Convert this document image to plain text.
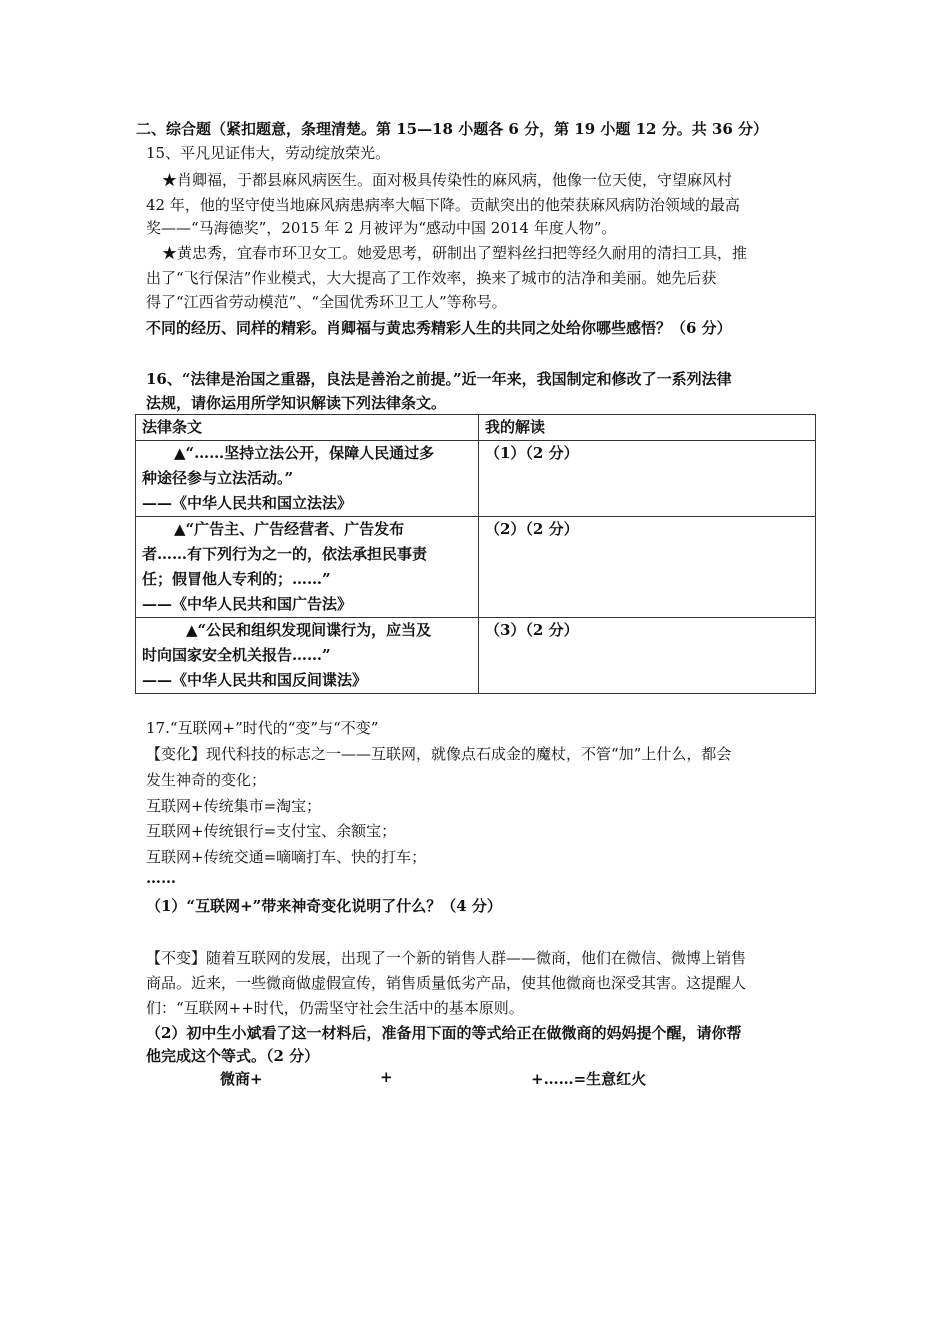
二、综合题（紧扣题意，条理清楚。第 15—18 小题各 6 分，第 19 小题 12 分。共 36 分）
15、平凡见证伟大，劳动绽放荣光。
★肖卿福，于都县麻风病医生。面对极具传染性的麻风病，他像一位天使，守望麻风村
42 年，他的坚守使当地麻风病患病率大幅下降。贡献突出的他荣获麻风病防治领域的最高
奖——“马海德奖”，2015 年 2 月被评为“感动中国 2014 年度人物”。
★黄忠秀，宜春市环卫女工。她爱思考，研制出了塑料丝扫把等经久耐用的清扫工具，推
出了“飞行保洁”作业模式，大大提高了工作效率，换来了城市的洁净和美丽。她先后获
得了“江西省劳动模范”、“全国优秀环卫工人”等称号。
不同的经历、同样的精彩。肖卿福与黄忠秀精彩人生的共同之处给你哪些感悟？（6 分）
16、“法律是治国之重器，良法是善治之前提。”近一年来，我国制定和修改了一系列法律
法规，请你运用所学知识解读下列法律条文。
法律条文	我的解读

▲“……坚持立法公开，保障人民通过多
种途径参与立法活动。”
——《中华人民共和国立法法》	（1）（2 分）

▲“广告主、广告经营者、广告发布
者……有下列行为之一的，依法承担民事责
任；假冒他人专利的；……”
——《中华人民共和国广告法》	（2）（2 分）

▲“公民和组织发现间谍行为，应当及
时向国家安全机关报告……”
——《中华人民共和国反间谍法》	（3）（2 分）
17.“互联网+”时代的“变”与“不变”
【变化】现代科技的标志之一——互联网，就像点石成金的魔杖，不管“加”上什么，都会
发生神奇的变化；
互联网+传统集市=淘宝；
互联网+传统银行=支付宝、余额宝；
互联网+传统交通=嘀嘀打车、快的打车；
……
（1）“互联网+”带来神奇变化说明了什么？（4 分）
【不变】随着互联网的发展，出现了一个新的销售人群——微商，他们在微信、微博上销售
商品。近来，一些微商做虚假宣传，销售质量低劣产品，使其他微商也深受其害。这提醒人
们：“互联网++时代，仍需坚守社会生活中的基本原则。
（2）初中生小斌看了这一材料后，准备用下面的等式给正在做微商的妈妈提个醒，请你帮
他完成这个等式。（2 分）
微商+	+	+……=生意红火
